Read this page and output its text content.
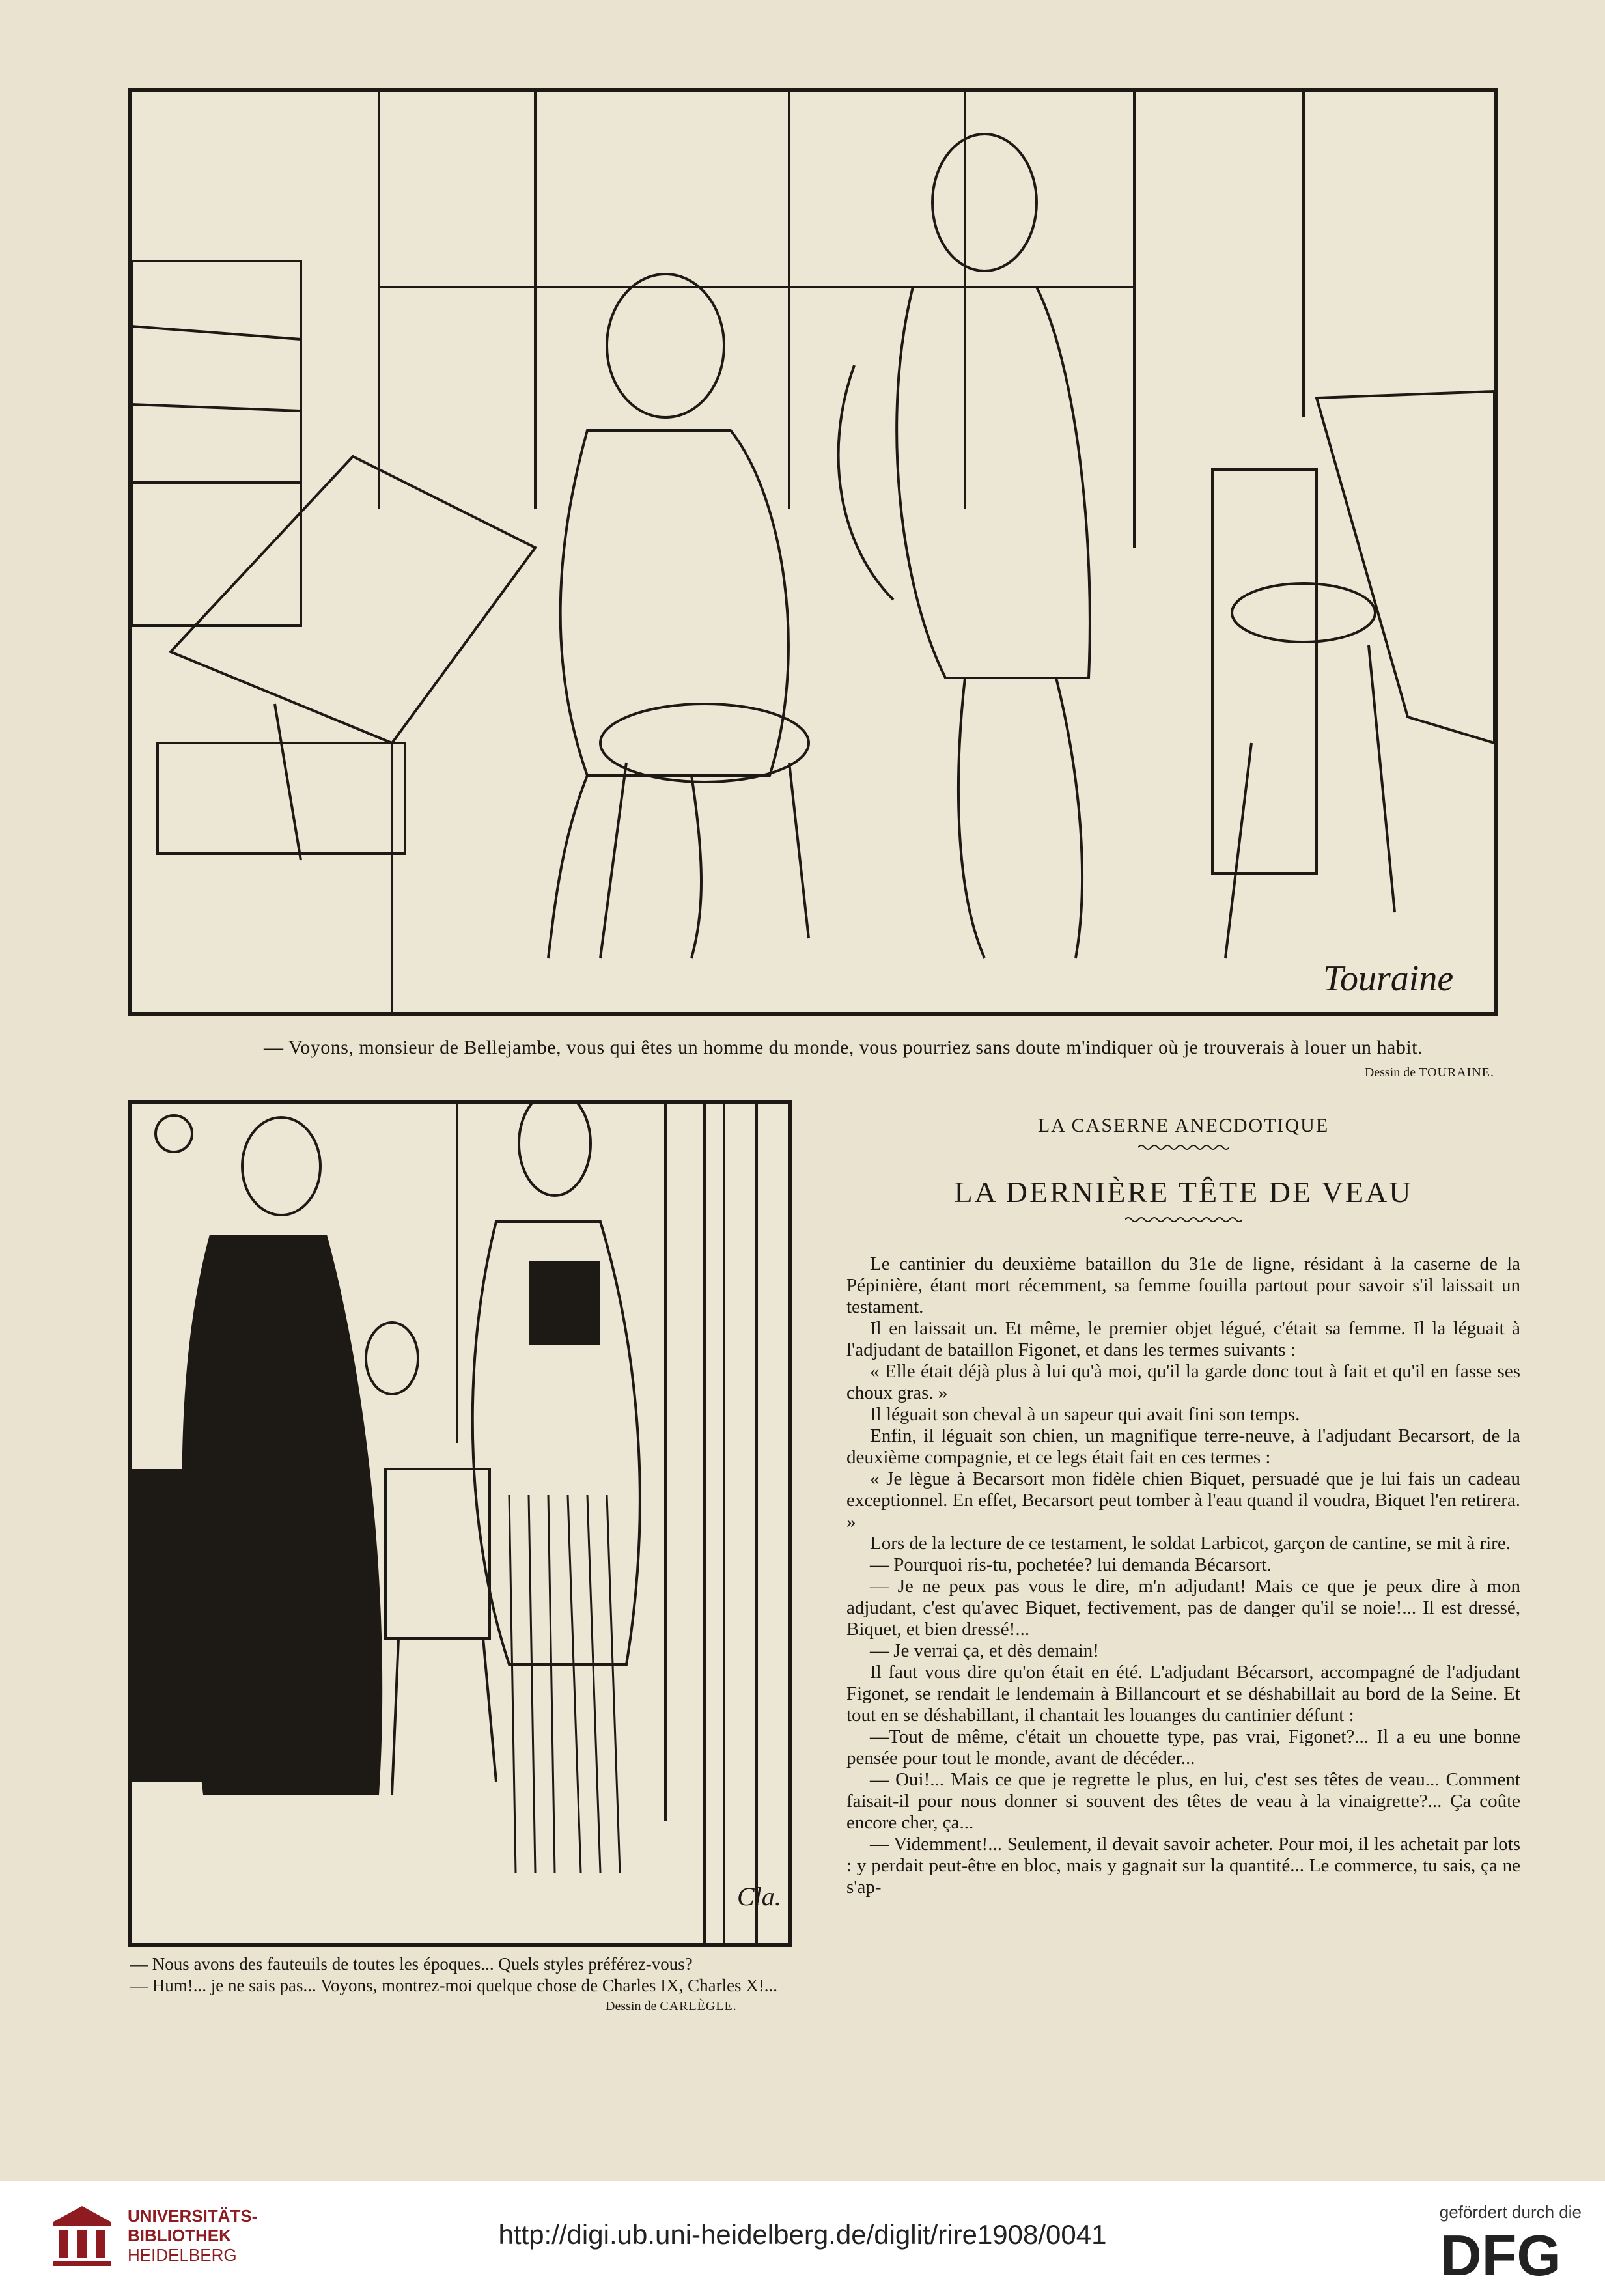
Touraine
— Voyons, monsieur de Bellejambe, vous qui êtes un homme du monde, vous pourriez sans doute m'indiquer où je trouverais à louer un habit.
Dessin de TOURAINE.
Cla.

— Nous avons des fauteuils de toutes les époques... Quels styles préférez-vous?

— Hum!... je ne sais pas... Voyons, montrez-moi quelque chose de Charles IX, Charles X!...

Dessin de CARLÈGLE.
LA CASERNE ANECDOTIQUE
LA DERNIÈRE TÊTE DE VEAU

Le cantinier du deuxième bataillon du 31e de ligne, résidant à la caserne de la Pépinière, étant mort récemment, sa femme fouilla partout pour savoir s'il laissait un testament.

Il en laissait un. Et même, le premier objet légué, c'était sa femme. Il la léguait à l'adjudant de bataillon Figonet, et dans les termes suivants :

« Elle était déjà plus à lui qu'à moi, qu'il la garde donc tout à fait et qu'il en fasse ses choux gras. »

Il léguait son cheval à un sapeur qui avait fini son temps.

Enfin, il léguait son chien, un magnifique terre-neuve, à l'adjudant Becarsort, de la deuxième compagnie, et ce legs était fait en ces termes :

« Je lègue à Becarsort mon fidèle chien Biquet, persuadé que je lui fais un cadeau exceptionnel. En effet, Becarsort peut tomber à l'eau quand il voudra, Biquet l'en retirera. »

Lors de la lecture de ce testament, le soldat Larbicot, garçon de cantine, se mit à rire.

— Pourquoi ris-tu, pochetée? lui demanda Bécarsort.

— Je ne peux pas vous le dire, m'n adjudant! Mais ce que je peux dire à mon adjudant, c'est qu'avec Biquet, fectivement, pas de danger qu'il se noie!... Il est dressé, Biquet, et bien dressé!...

— Je verrai ça, et dès demain!

Il faut vous dire qu'on était en été. L'adjudant Bécarsort, accompagné de l'adjudant Figonet, se rendait le lendemain à Billancourt et se déshabillait au bord de la Seine. Et tout en se déshabillant, il chantait les louanges du cantinier défunt :

—Tout de même, c'était un chouette type, pas vrai, Figonet?... Il a eu une bonne pensée pour tout le monde, avant de décéder...

— Oui!... Mais ce que je regrette le plus, en lui, c'est ses têtes de veau... Comment faisait-il pour nous donner si souvent des têtes de veau à la vinaigrette?... Ça coûte encore cher, ça...

— Videmment!... Seulement, il devait savoir acheter. Pour moi, il les achetait par lots : y perdait peut-être en bloc, mais y gagnait sur la quantité... Le commerce, tu sais, ça ne s'ap-

UNIVERSITÄTS-
BIBLIOTHEK
HEIDELBERG
http://digi.ub.uni-heidelberg.de/diglit/rire1908/0041
gefördert durch die
DFG
